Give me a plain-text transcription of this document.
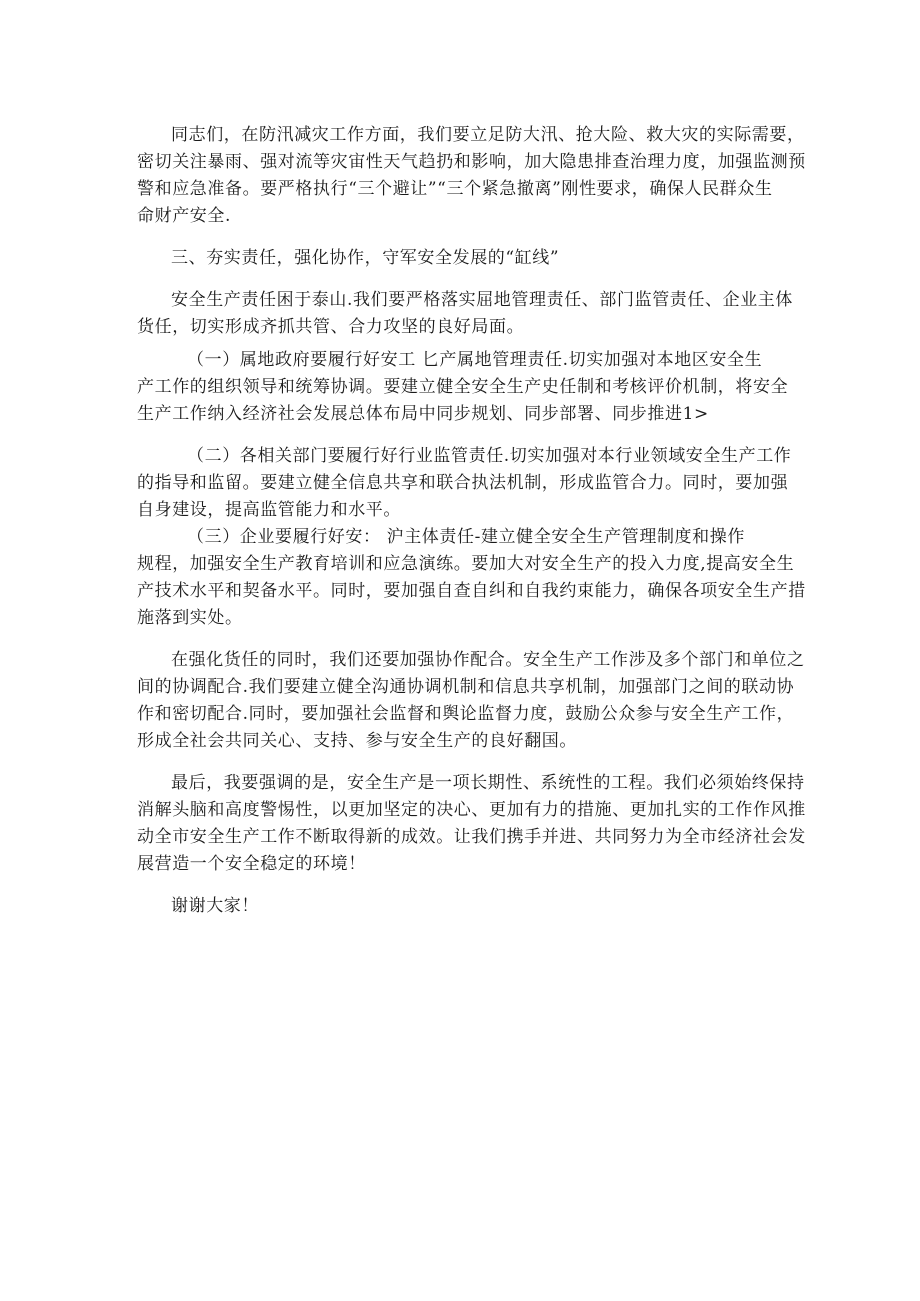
同志们，在防汛减灾工作方面，我们要立足防大汛、抢大险、救大灾的实际需要，
密切关注暴雨、强对流等灾宙性天气趋扔和影响，加大隐患排查治理力度，加强监测预
警和应急准备。要严格执行“三个避让”“三个紧急撤离”刚性要求，确保人民群众生
命财产安全.
三、夯实责任，强化协作，守军安全发展的“缸线”
安全生产责任困于泰山.我们要严格落实屈地管理责任、部门监管责任、企业主体
货任，切实形成齐抓共管、合力攻坚的良好局面。
（一）属地政府要履行好安工 匕产属地管理责任.切实加强对本地区安全生
产工作的组织领导和统筹协调。要建立健全安全生产史任制和考核评价机制，将安全
生产工作纳入经济社会发展总体布局中同步规划、同步部署、同步推进1>
（二）各相关部门要履行好行业监管责任.切实加强对本行业领域安全生产工作
的指导和监留。要建立健全信息共享和联合执法机制，形成监管合力。同时，要加强
自身建设，提高监管能力和水平。
（三）企业要履行好安： 沪主体责任-建立健全安全生产管理制度和操作
规程，加强安全生产教育培训和应急演练。要加大对安全生产的投入力度,提高安全生
产技术水平和契备水平。同时，要加强自查自纠和自我约束能力，确保各项安全生产措
施落到实处。
在强化货任的同时，我们还要加强协作配合。安全生产工作涉及多个部门和单位之
间的协调配合.我们要建立健全沟通协调机制和信息共享机制，加强部门之间的联动协
作和密切配合.同时，要加强社会监督和舆论监督力度，鼓励公众参与安全生产工作，
形成全社会共同关心、支持、参与安全生产的良好翻国。
最后，我要强调的是，安全生产是一项长期性、系统性的工程。我们必须始终保持
消解头脑和高度警惕性，以更加坚定的决心、更加有力的措施、更加扎实的工作作风推
动全市安全生产工作不断取得新的成效。让我们携手并进、共同努力为全市经济社会发
展营造一个安全稳定的环境！
谢谢大家！
